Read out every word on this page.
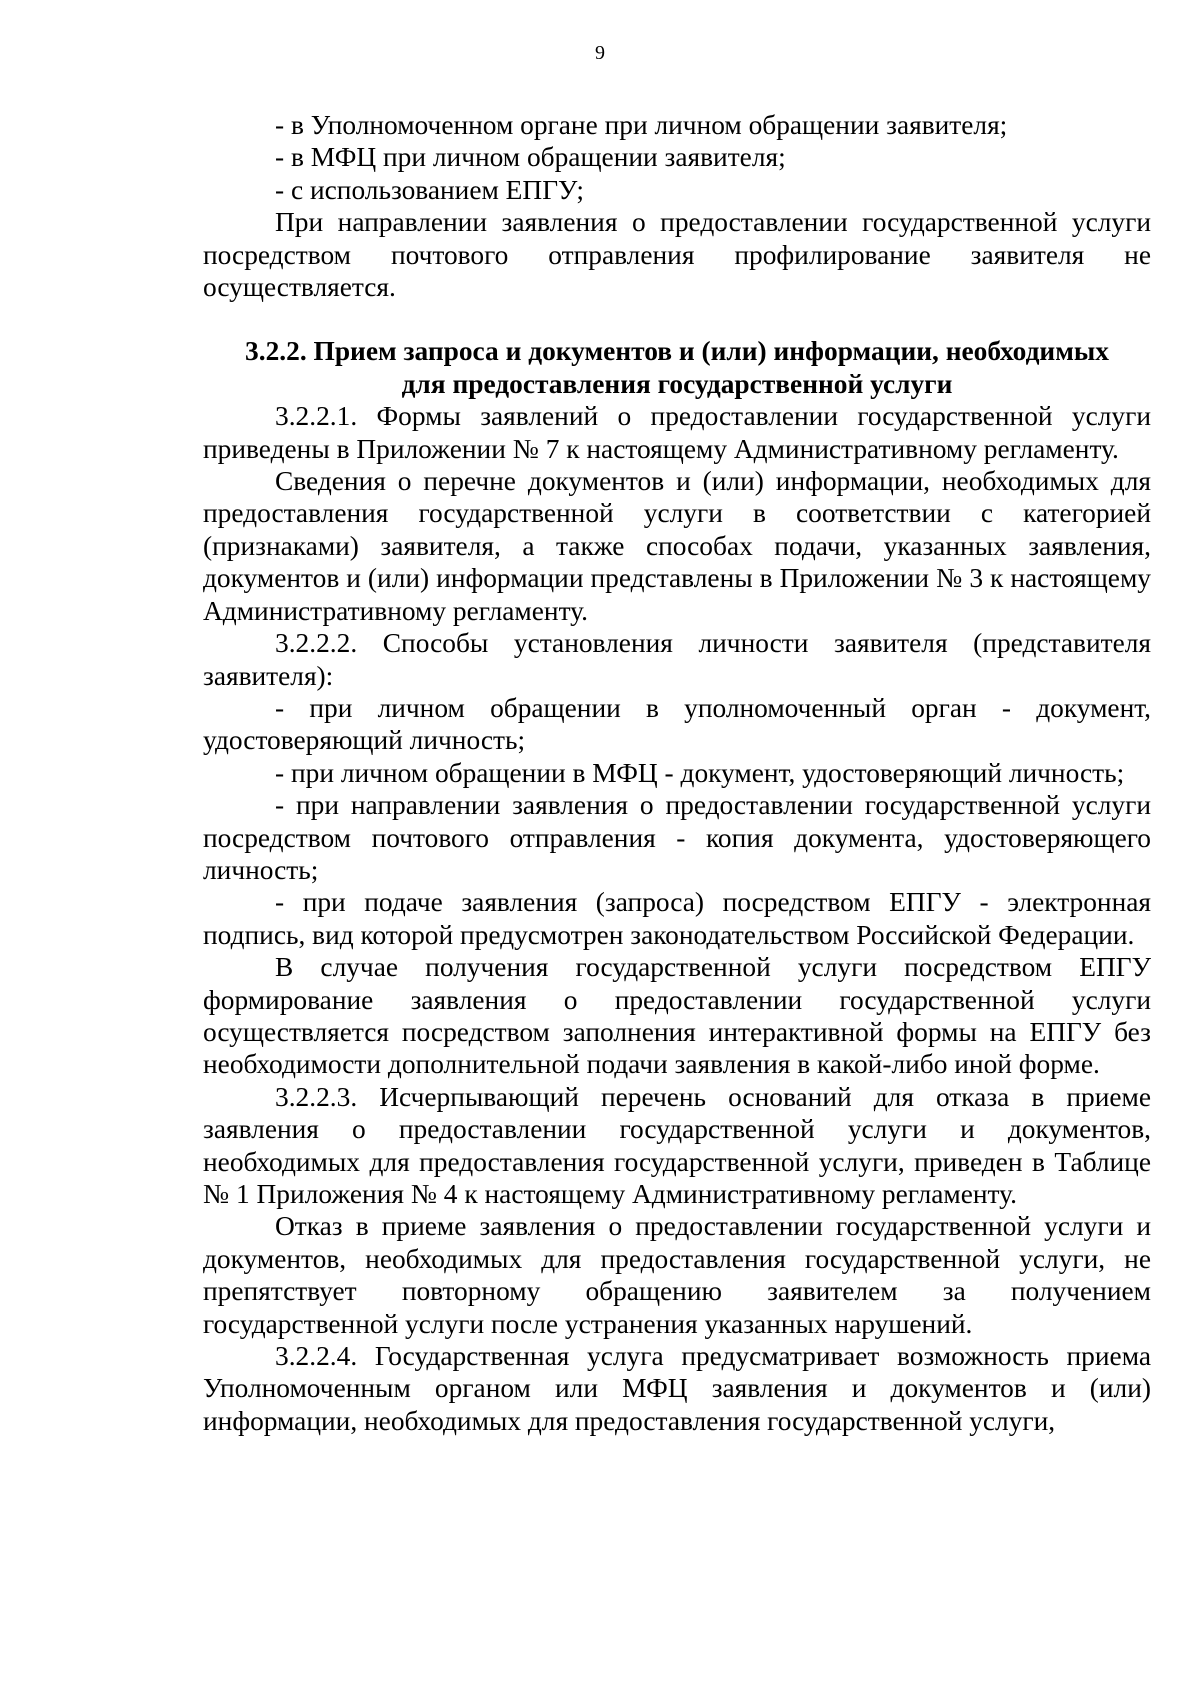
9

- в Уполномоченном органе при личном обращении заявителя;

- в МФЦ при личном обращении заявителя;

- с использованием ЕПГУ;

При направлении заявления о предоставлении государственной услуги посредством почтового отправления профилирование заявителя не осуществляется.

3.2.2. Прием запроса и документов и (или) информации, необходимых
для предоставления государственной услуги

3.2.2.1. Формы заявлений о предоставлении государственной услуги приведены в Приложении № 7 к настоящему Административному регламенту.

Сведения о перечне документов и (или) информации, необходимых для предоставления государственной услуги в соответствии с категорией (признаками) заявителя, а также способах подачи, указанных заявления, документов и (или) информации представлены в Приложении № 3 к настоящему Административному регламенту.

3.2.2.2. Способы установления личности заявителя (представителя заявителя):

- при личном обращении в уполномоченный орган - документ, удостоверяющий личность;

- при личном обращении в МФЦ - документ, удостоверяющий личность;

- при направлении заявления о предоставлении государственной услуги посредством почтового отправления - копия документа, удостоверяющего личность;

- при подаче заявления (запроса) посредством ЕПГУ - электронная подпись, вид которой предусмотрен законодательством Российской Федерации.

В случае получения государственной услуги посредством ЕПГУ формирование заявления о предоставлении государственной услуги осуществляется посредством заполнения интерактивной формы на ЕПГУ без необходимости дополнительной подачи заявления в какой-либо иной форме.

3.2.2.3. Исчерпывающий перечень оснований для отказа в приеме заявления о предоставлении государственной услуги и документов, необходимых для предоставления государственной услуги, приведен в Таблице № 1 Приложения № 4 к настоящему Административному регламенту.

Отказ в приеме заявления о предоставлении государственной услуги и документов, необходимых для предоставления государственной услуги, не препятствует повторному обращению заявителем за получением государственной услуги после устранения указанных нарушений.

3.2.2.4. Государственная услуга предусматривает возможность приема Уполномоченным органом или МФЦ заявления и документов и (или) информации, необходимых для предоставления государственной услуги,
